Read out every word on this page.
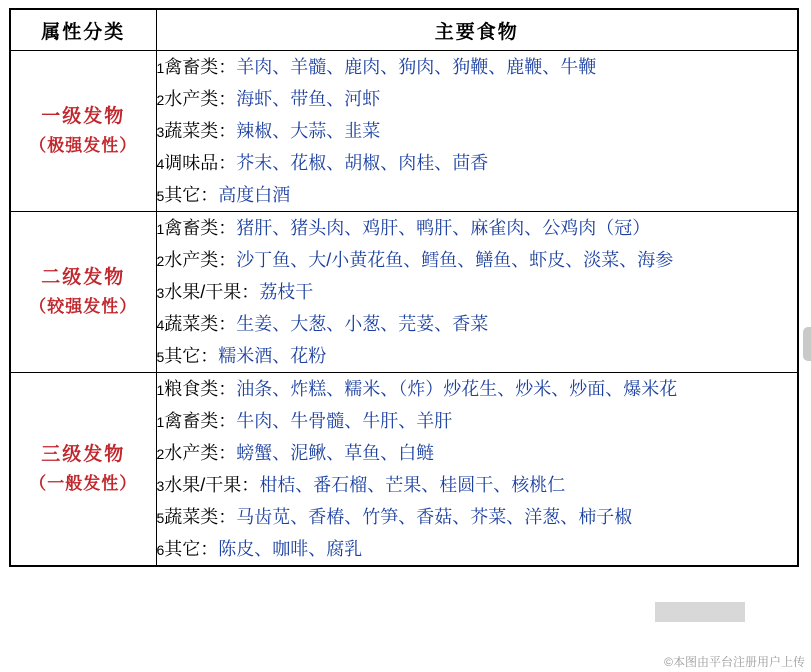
属性分类	主要食物

一级发物
（极强发性）

1禽畜类：羊肉、羊髓、鹿肉、狗肉、狗鞭、鹿鞭、牛鞭
2水产类：海虾、带鱼、河虾
3蔬菜类：辣椒、大蒜、韭菜
4调味品：芥末、花椒、胡椒、肉桂、茴香
5其它：高度白酒

二级发物
（较强发性）

1禽畜类：猪肝、猪头肉、鸡肝、鸭肝、麻雀肉、公鸡肉（冠）
2水产类：沙丁鱼、大/小黄花鱼、鳕鱼、鳝鱼、虾皮、淡菜、海参
3水果/干果：荔枝干
4蔬菜类：生姜、大葱、小葱、芫荽、香菜
5其它：糯米酒、花粉

三级发物
（一般发性）

1粮食类：油条、炸糕、糯米、（炸）炒花生、炒米、炒面、爆米花
1禽畜类：牛肉、牛骨髓、牛肝、羊肝
2水产类：螃蟹、泥鳅、草鱼、白鲢
3水果/干果：柑桔、番石榴、芒果、桂圆干、核桃仁
5蔬菜类：马齿苋、香椿、竹笋、香菇、芥菜、洋葱、柿子椒
6其它：陈皮、咖啡、腐乳
©本图由平台注册用户上传
